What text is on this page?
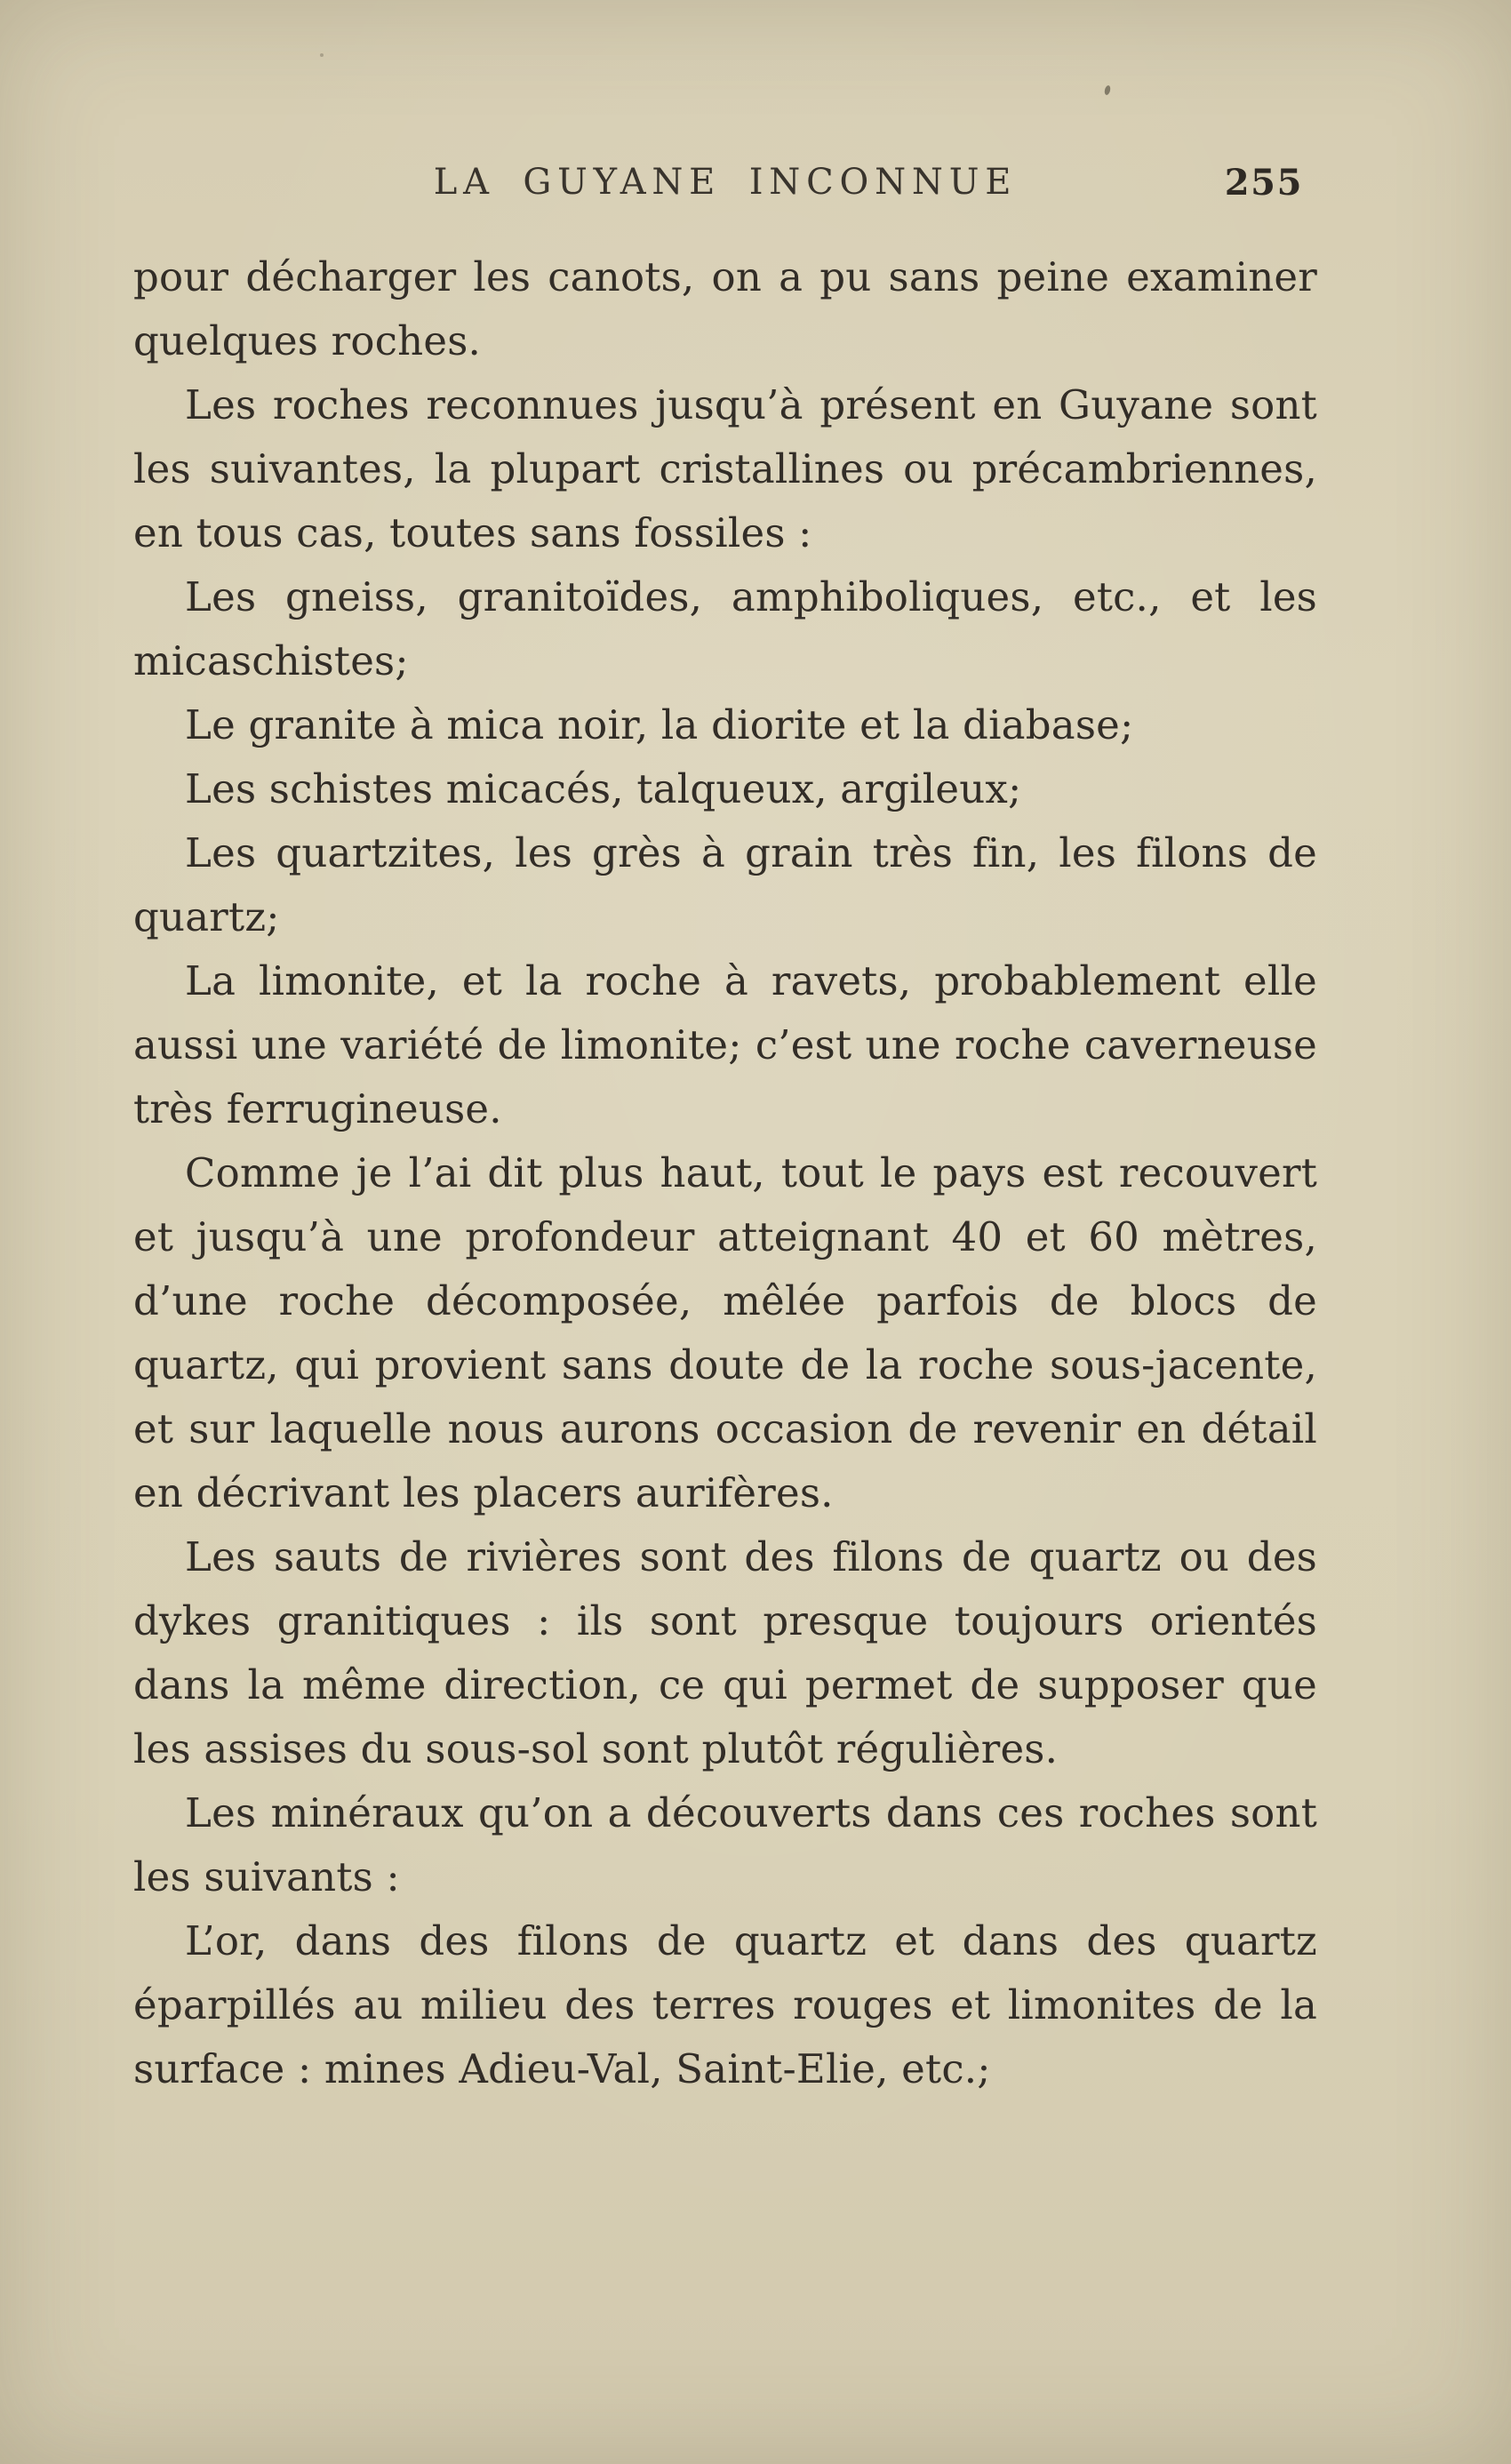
LA GUYANE INCONNUE	255

pour décharger les canots, on a pu sans peine examiner quelques roches.

Les roches reconnues jusqu’à présent en Guyane sont les suivantes, la plupart cristallines ou précambriennes, en tous cas, toutes sans fossiles :

Les gneiss, granitoïdes, amphiboliques, etc., et les micaschistes;

Le granite à mica noir, la diorite et la diabase;

Les schistes micacés, talqueux, argileux;

Les quartzites, les grès à grain très fin, les filons de quartz;

La limonite, et la roche à ravets, probablement elle aussi une variété de limonite; c’est une roche caverneuse très ferrugineuse.

Comme je l’ai dit plus haut, tout le pays est recouvert et jusqu’à une profondeur atteignant 40 et 60 mètres, d’une roche décomposée, mêlée parfois de blocs de quartz, qui provient sans doute de la roche sous-jacente, et sur laquelle nous aurons occasion de revenir en détail en décrivant les placers aurifères.

Les sauts de rivières sont des filons de quartz ou des dykes granitiques : ils sont presque toujours orientés dans la même direction, ce qui permet de supposer que les assises du sous-sol sont plutôt régulières.

Les minéraux qu’on a découverts dans ces roches sont les suivants :

L’or, dans des filons de quartz et dans des quartz éparpillés au milieu des terres rouges et limonites de la surface : mines Adieu-Val, Saint-Elie, etc.;
